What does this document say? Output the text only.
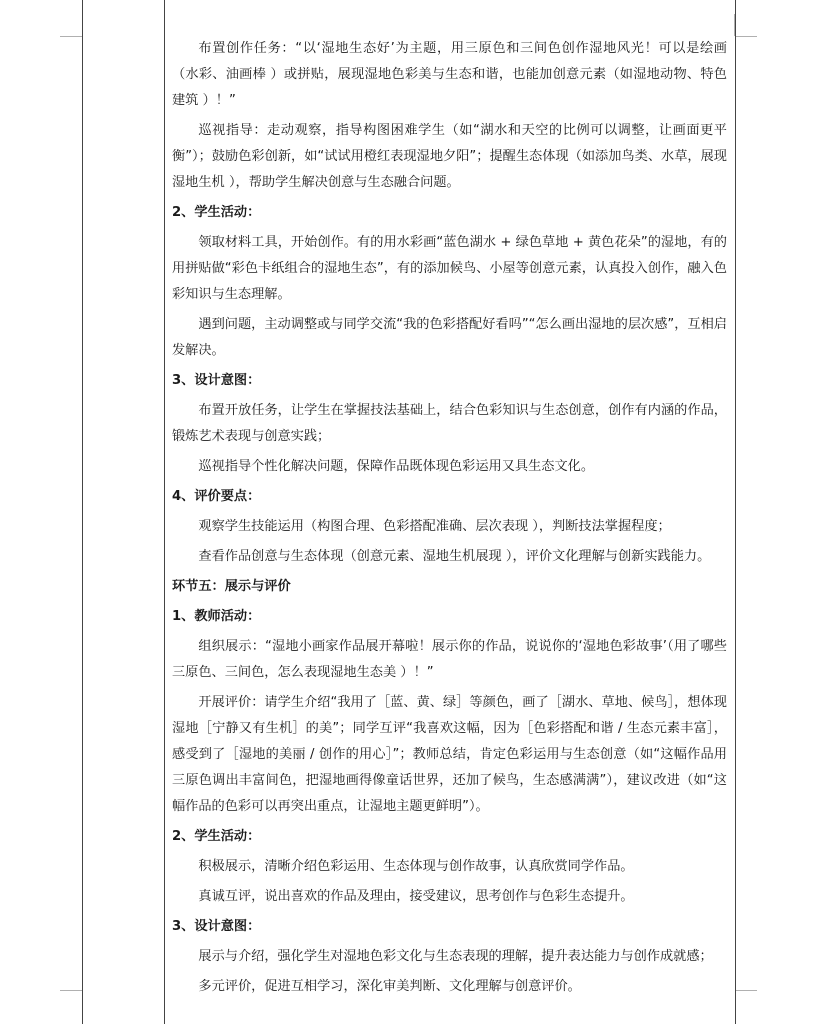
布置创作任务：“以‘湿地生态好’为主题，用三原色和三间色创作湿地风光！可以是绘画（水彩、油画棒 ）或拼贴，展现湿地色彩美与生态和谐，也能加创意元素（如湿地动物、特色建筑 ）！”

巡视指导：走动观察，指导构图困难学生（如“湖水和天空的比例可以调整，让画面更平衡”）；鼓励色彩创新，如“试试用橙红表现湿地夕阳”；提醒生态体现（如添加鸟类、水草，展现湿地生机 ），帮助学生解决创意与生态融合问题。

2、学生活动：

领取材料工具，开始创作。有的用水彩画“蓝色湖水 + 绿色草地 + 黄色花朵”的湿地，有的用拼贴做“彩色卡纸组合的湿地生态”，有的添加候鸟、小屋等创意元素，认真投入创作，融入色彩知识与生态理解。

遇到问题，主动调整或与同学交流“我的色彩搭配好看吗”“怎么画出湿地的层次感”，互相启发解决。

3、设计意图：

布置开放任务，让学生在掌握技法基础上，结合色彩知识与生态创意，创作有内涵的作品，锻炼艺术表现与创意实践；

巡视指导个性化解决问题，保障作品既体现色彩运用又具生态文化。

4、评价要点：

观察学生技能运用（构图合理、色彩搭配准确、层次表现 ），判断技法掌握程度；

查看作品创意与生态体现（创意元素、湿地生机展现 ），评价文化理解与创新实践能力。

环节五：展示与评价
1、教师活动：

组织展示：“湿地小画家作品展开幕啦！展示你的作品，说说你的‘湿地色彩故事’（用了哪些三原色、三间色，怎么表现湿地生态美 ）！”

开展评价：请学生介绍“我用了［蓝、黄、绿］等颜色，画了［湖水、草地、候鸟］，想体现湿地［宁静又有生机］的美”；同学互评“我喜欢这幅，因为［色彩搭配和谐 / 生态元素丰富］，感受到了［湿地的美丽 / 创作的用心］”；教师总结，肯定色彩运用与生态创意（如“这幅作品用三原色调出丰富间色，把湿地画得像童话世界，还加了候鸟，生态感满满”），建议改进（如“这幅作品的色彩可以再突出重点，让湿地主题更鲜明”）。

2、学生活动：

积极展示，清晰介绍色彩运用、生态体现与创作故事，认真欣赏同学作品。

真诚互评，说出喜欢的作品及理由，接受建议，思考创作与色彩生态提升。

3、设计意图：

展示与介绍，强化学生对湿地色彩文化与生态表现的理解，提升表达能力与创作成就感；

多元评价，促进互相学习，深化审美判断、文化理解与创意评价。
